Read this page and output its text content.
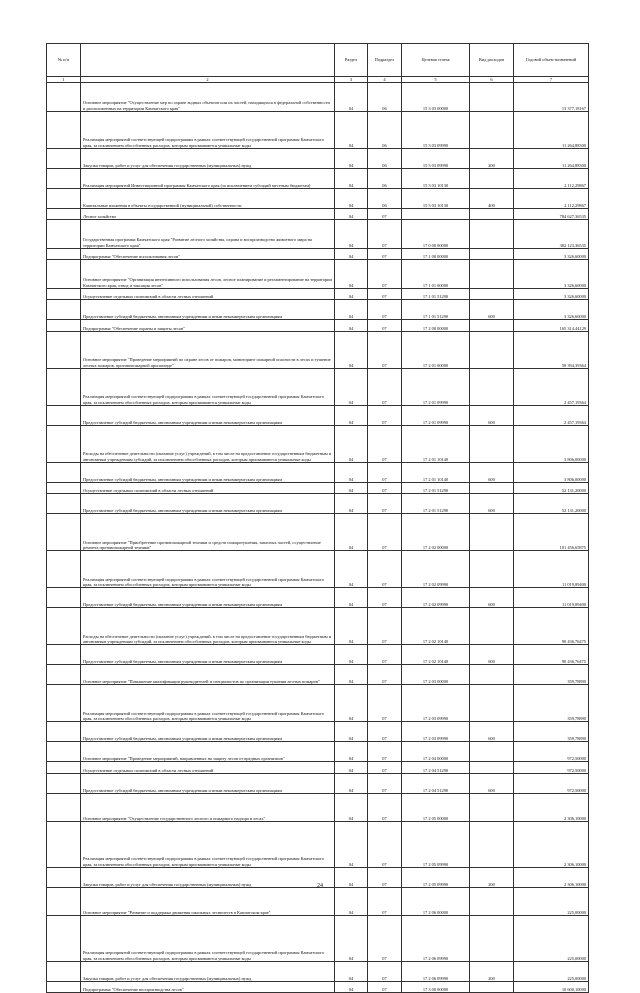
№ п/п		Раздел	Подраздел	Целевая статья	Вид расходов	Годовой объем назначений
1	2	3	4	5	6	7
	Основное мероприятие "Осуществление мер по охране водных объектов или их частей, находящихся в федеральной собственности и расположенных на территории Камчатского края"	04	06	15 3 03 00000		13 377,18167
	Реализация мероприятий соответствующей подпрограммы в рамках соответствующей государственной программы Камчатского края, за исключением обособленных расходов, которым присваиваются уникальные коды	04	06	15 3 03 09990		11 264,88300
	Закупка товаров, работ и услуг для обеспечения государственных (муниципальных) нужд	04	06	15 3 03 09990	200	11 264,88300
	Реализация мероприятий Инвестиционной программы Камчатского края (за исключением субсидий местным бюджетам)	04	06	15 3 03 10130		2 112,29867
	Капитальные вложения в объекты государственной (муниципальной) собственности	04	06	15 3 03 10130	400	2 112,29867
	Лесное хозяйство	04	07			784 627,36535
	Государственная программа Камчатского края "Развитие лесного хозяйства, охрана и воспроизводство животного мира на территории Камчатского края"	04	07	17 0 00 00000		382 123,36535
	Подпрограмма "Обеспечение использования лесов"	04	07	17 1 00 00000		3 326,60000
	Основное мероприятие "Организация интенсивного использования лесов, лесное планирование и регламентирование на территории Камчатского края, отвод и таксация лесов"	04	07	17 1 01 00000		3 326,60000
	Осуществление отдельных полномочий в области лесных отношений	04	07	17 1 01 51290		3 326,60000
	Предоставление субсидий бюджетным, автономным учреждениям и иным некоммерческим организациям	04	07	17 1 01 51290	600	3 326,60000
	Подпрограмма "Обеспечение охраны и защиты лесов"	04	07	17 2 00 00000		165 314,44129
	Основное мероприятие "Проведение мероприятий по охране лесов от пожаров, мониторинг пожарной опасности в лесах и тушение лесных пожаров, противопожарной пропаганде"	04	07	17 2 01 00000		58 394,39364
	Реализация мероприятий соответствующей подпрограммы в рамках соответствующей государственной программы Камчатского края, за исключением обособленных расходов, которым присваиваются уникальные коды	04	07	17 2 01 09990		2 457,19364
	Предоставление субсидий бюджетным, автономным учреждениям и иным некоммерческим организациям	04	07	17 2 01 09990	600	2 457,19364
	Расходы на обеспечение деятельности (оказание услуг) учреждений, в том числе на предоставление государственным бюджетным и автономным учреждениям субсидий, за исключением обособленных расходов, которым присваиваются уникальные коды	04	07	17 2 01 10140		3 806,00000
	Предоставление субсидий бюджетным, автономным учреждениям и иным некоммерческим организациям	04	07	17 2 01 10140	600	3 806,00000
	Осуществление отдельных полномочий в области лесных отношений	04	07	17 2 01 51290		52 131,20000
	Предоставление субсидий бюджетным, автономным учреждениям и иным некоммерческим организациям	04	07	17 2 01 51290	600	52 131,20000
	Основное мероприятие "Приобретение противопожарной техники и средств пожаротушения, запасных частей, осуществление ремонта противопожарной техники"	04	07	17 2 02 00000		101 456,65875
	Реализация мероприятий соответствующей подпрограммы в рамках соответствующей государственной программы Камчатского края, за исключением обособленных расходов, которым присваиваются уникальные коды	04	07	17 2 02 09990		11 019,89400
	Предоставление субсидий бюджетным, автономным учреждениям и иным некоммерческим организациям	04	07	17 2 02 09990	600	11 019,89400
	Расходы на обеспечение деятельности (оказание услуг) учреждений, в том числе на предоставление государственным бюджетным и автономным учреждениям субсидий, за исключением обособленных расходов, которым присваиваются уникальные коды	04	07	17 2 02 10140		90 436,76475
	Предоставление субсидий бюджетным, автономным учреждениям и иным некоммерческим организациям	04	07	17 2 02 10140	600	90 436,76475
	Основное мероприятие "Повышение квалификации руководителей и специалистов по организации тушения лесных пожаров"	04	07	17 2 03 00000		359,78890
	Реализация мероприятий соответствующей подпрограммы в рамках соответствующей государственной программы Камчатского края, за исключением обособленных расходов, которым присваиваются уникальные коды	04	07	17 2 03 09990		359,78890
	Предоставление субсидий бюджетным, автономным учреждениям и иным некоммерческим организациям	04	07	17 2 03 09990	600	359,78890
	Основное мероприятие "Проведение мероприятий, направленных на защиту лесов от вредных организмов"	04	07	17 2 04 00000		972,50000
	Осуществление отдельных полномочий в области лесных отношений	04	07	17 2 04 51290		972,50000
	Предоставление субсидий бюджетным, автономным учреждениям и иным некоммерческим организациям	04	07	17 2 04 51290	600	972,50000
	Основное мероприятие "Осуществление государственного лесного и пожарного надзора в лесах"	04	07	17 2 05 00000		2 306,10000
	Реализация мероприятий соответствующей подпрограммы в рамках соответствующей государственной программы Камчатского края, за исключением обособленных расходов, которым присваиваются уникальные коды	04	07	17 2 05 09990		2 306,10000
	Закупка товаров, работ и услуг для обеспечения государственных (муниципальных) нужд	04	07	17 2 05 09990	200	2 306,10000
	Основное мероприятие "Развитие и поддержка движения школьных лесничеств в Камчатском крае"	04	07	17 2 06 00000		225,00000
	Реализация мероприятий соответствующей подпрограммы в рамках соответствующей государственной программы Камчатского края, за исключением обособленных расходов, которым присваиваются уникальные коды	04	07	17 2 06 09990		225,00000
	Закупка товаров, работ и услуг для обеспечения государственных (муниципальных) нужд	04	07	17 2 06 09990	200	225,00000
	Подпрограмма "Обеспечение воспроизводства лесов"	04	07	17 3 00 00000		10 600,10000
24
